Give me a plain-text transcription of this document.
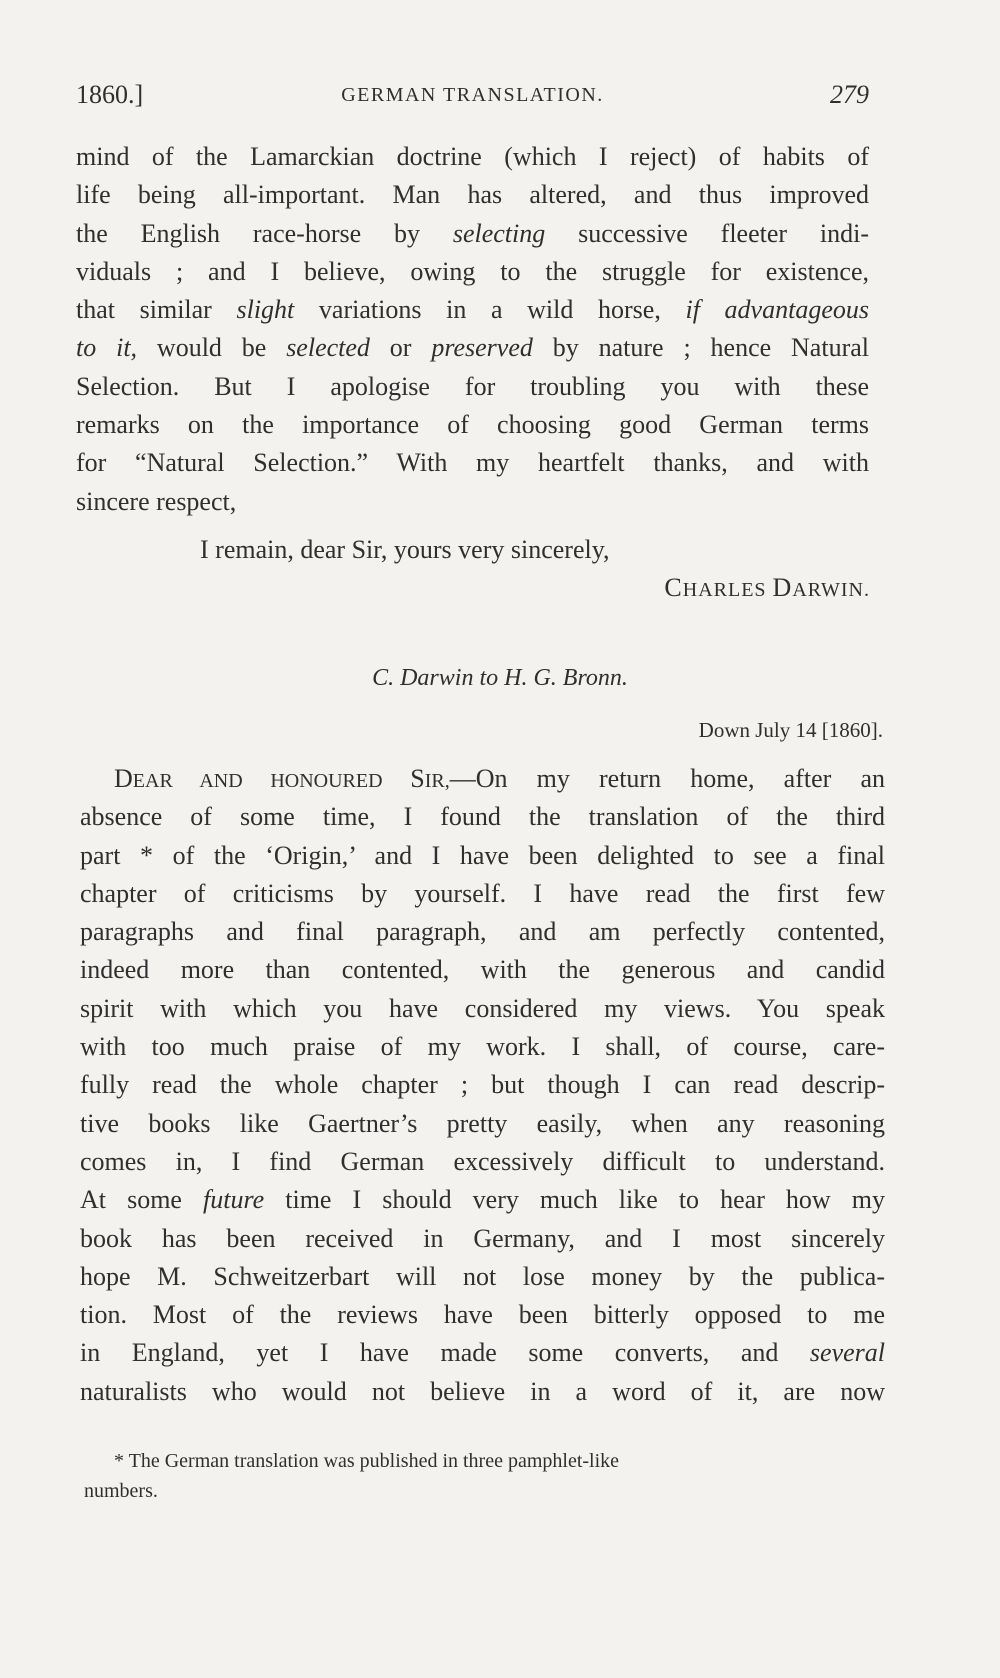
1860.]	GERMAN TRANSLATION.	279
mind of the Lamarckian doctrine (which I reject) of habits of
life being all-important. Man has altered, and thus improved
the English race-horse by selecting successive fleeter indi-
viduals ; and I believe, owing to the struggle for existence,
that similar slight variations in a wild horse, if advantageous
to it, would be selected or preserved by nature ; hence Natural
Selection. But I apologise for troubling you with these
remarks on the importance of choosing good German terms
for “Natural Selection.” With my heartfelt thanks, and with
sincere respect,
I remain, dear Sir, yours very sincerely,
CHARLES DARWIN.
C. Darwin to H. G. Bronn.
Down July 14 [1860].
DEAR AND HONOURED SIR,—On my return home, after an
absence of some time, I found the translation of the third
part * of the ‘Origin,’ and I have been delighted to see a final
chapter of criticisms by yourself. I have read the first few
paragraphs and final paragraph, and am perfectly contented,
indeed more than contented, with the generous and candid
spirit with which you have considered my views. You speak
with too much praise of my work. I shall, of course, care-
fully read the whole chapter ; but though I can read descrip-
tive books like Gaertner’s pretty easily, when any reasoning
comes in, I find German excessively difficult to understand.
At some future time I should very much like to hear how my
book has been received in Germany, and I most sincerely
hope M. Schweitzerbart will not lose money by the publica-
tion. Most of the reviews have been bitterly opposed to me
in England, yet I have made some converts, and several
naturalists who would not believe in a word of it, are now
* The German translation was published in three pamphlet-like
numbers.
